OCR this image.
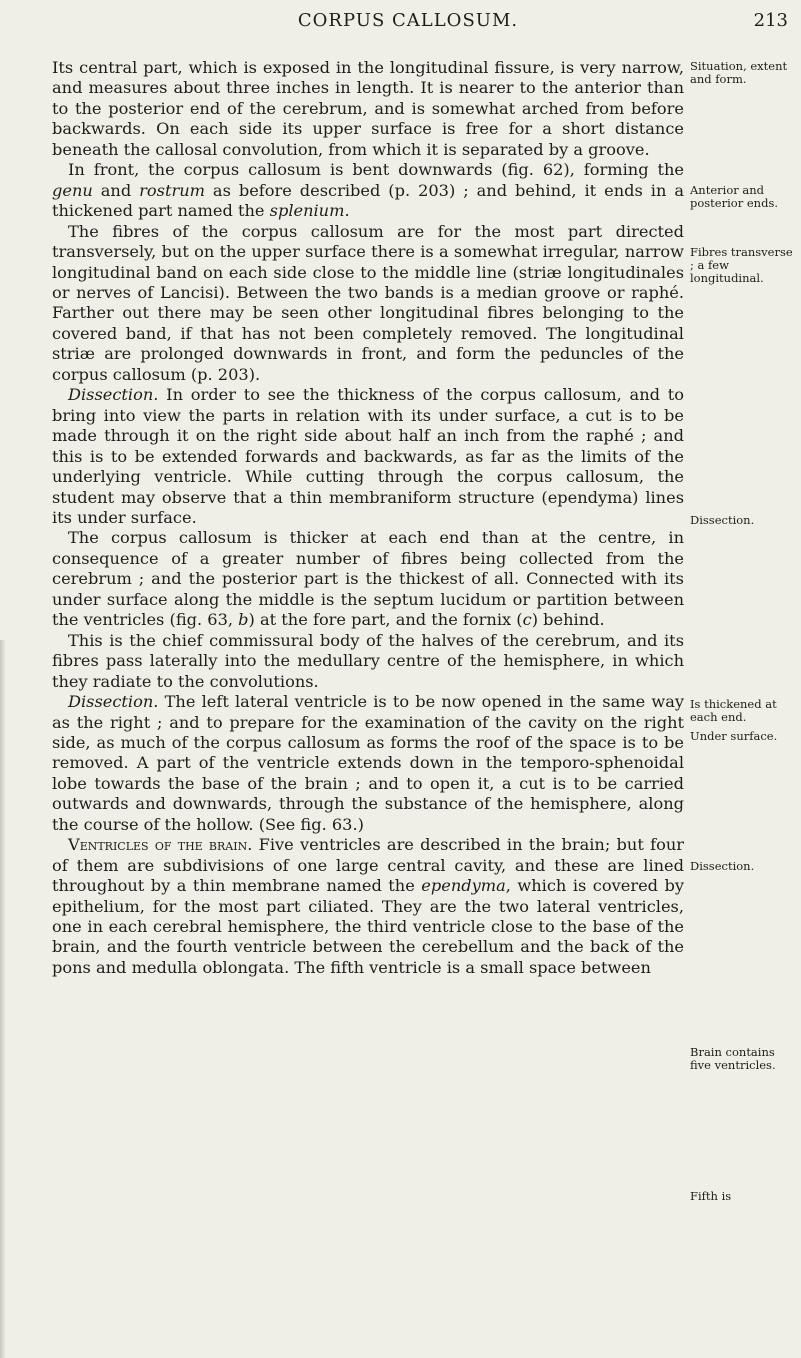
CORPUS CALLOSUM.	213

Its central part, which is exposed in the longitudinal fissure, is very narrow, and measures about three inches in length. It is nearer to the anterior than to the posterior end of the cerebrum, and is somewhat arched from before backwards. On each side its upper surface is free for a short distance beneath the callosal convolution, from which it is separated by a groove.

In front, the corpus callosum is bent downwards (fig. 62), forming the genu and rostrum as before described (p. 203) ; and behind, it ends in a thickened part named the splenium.

The fibres of the corpus callosum are for the most part directed transversely, but on the upper surface there is a somewhat irregular, narrow longitudinal band on each side close to the middle line (striæ longitudinales or nerves of Lancisi). Between the two bands is a median groove or raphé. Farther out there may be seen other longitudinal fibres belonging to the covered band, if that has not been completely removed. The longitudinal striæ are prolonged downwards in front, and form the peduncles of the corpus callosum (p. 203).

Dissection. In order to see the thickness of the corpus callosum, and to bring into view the parts in relation with its under surface, a cut is to be made through it on the right side about half an inch from the raphé ; and this is to be extended forwards and backwards, as far as the limits of the underlying ventricle. While cutting through the corpus callosum, the student may observe that a thin membraniform structure (ependyma) lines its under surface.

The corpus callosum is thicker at each end than at the centre, in consequence of a greater number of fibres being collected from the cerebrum ; and the posterior part is the thickest of all. Connected with its under surface along the middle is the septum lucidum or partition between the ventricles (fig. 63, b) at the fore part, and the fornix (c) behind.

This is the chief commissural body of the halves of the cerebrum, and its fibres pass laterally into the medullary centre of the hemisphere, in which they radiate to the convolutions.

Dissection. The left lateral ventricle is to be now opened in the same way as the right ; and to prepare for the examination of the cavity on the right side, as much of the corpus callosum as forms the roof of the space is to be removed. A part of the ventricle extends down in the temporo-sphenoidal lobe towards the base of the brain ; and to open it, a cut is to be carried outwards and downwards, through the substance of the hemisphere, along the course of the hollow. (See fig. 63.)

Ventricles of the brain. Five ventricles are described in the brain; but four of them are subdivisions of one large central cavity, and these are lined throughout by a thin membrane named the ependyma, which is covered by epithelium, for the most part ciliated. They are the two lateral ventricles, one in each cerebral hemisphere, the third ventricle close to the base of the brain, and the fourth ventricle between the cerebellum and the back of the pons and medulla oblongata. The fifth ventricle is a small space between

Situation, extent and form.
Anterior and posterior ends.
Fibres transverse ; a few longitudinal.
Dissection.
Is thickened at each end.
Under surface.
Dissection.
Brain contains five ventricles.
Fifth is
